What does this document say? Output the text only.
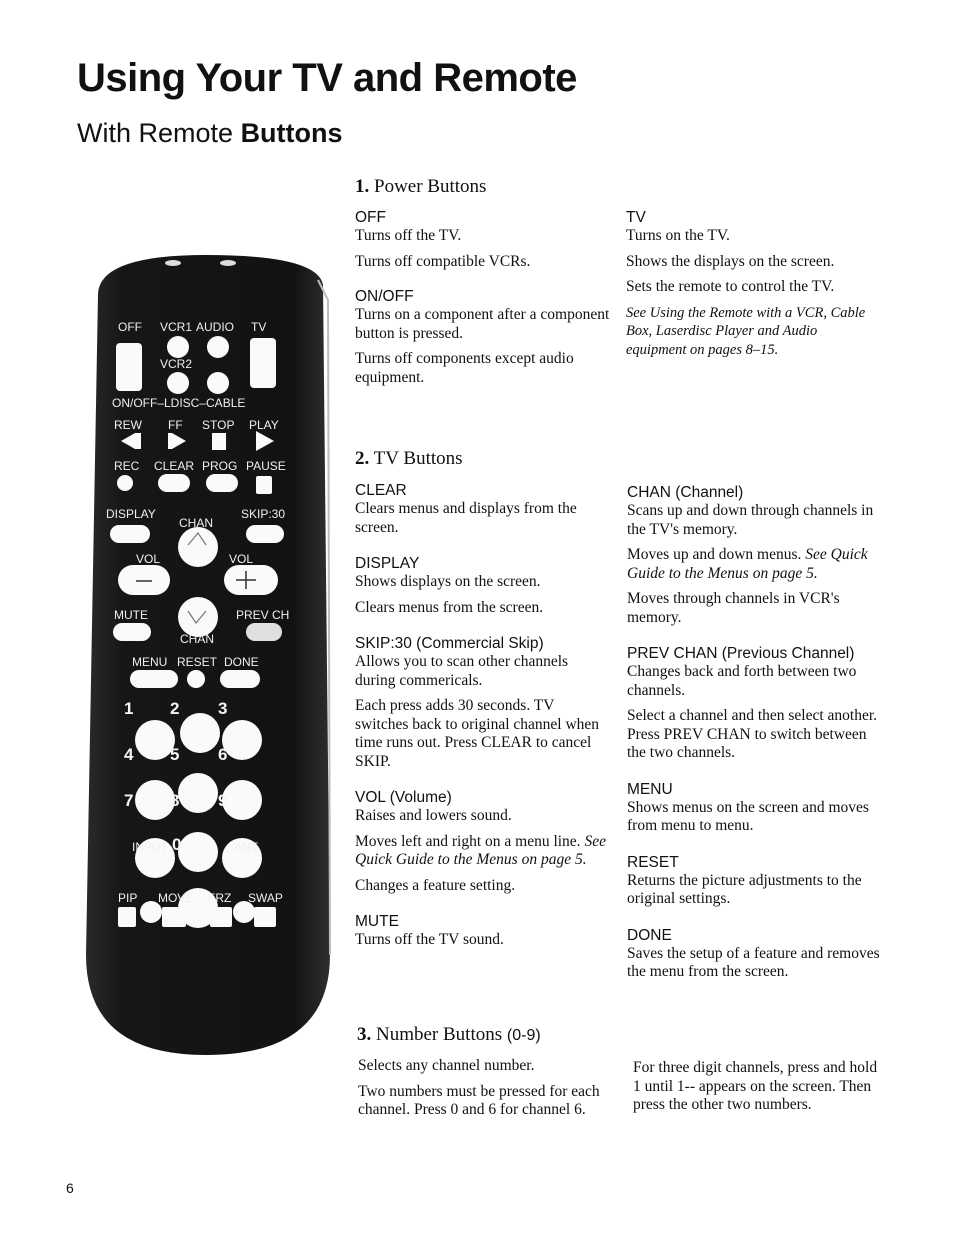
Using Your TV and Remote
With Remote Buttons
OFF VCR1 AUDIO TV
VCR2
ON/OFF–LDISC–CABLE
REW FF STOP PLAY
REC CLEAR PROG PAUSE
DISPLAY
CHAN
SKIP:30
VOL	VOL
MUTE	PREV CH
CHAN
MENU RESET DONE
1 2 3
4 5 6
7 8 9
INPUT 0	ANT
PIP MOVE FRZ SWAP
1. Power Buttons

OFF

Turns off the TV.

Turns off compatible VCRs.

ON/OFF

Turns on a component after a component button is pressed.

Turns off components except audio equipment.

TV

Turns on the TV.

Shows the displays on the screen.

Sets the remote to control the TV.

See Using the Remote with a VCR, Cable Box, Laserdisc Player and Audio equipment on pages 8–15.

2. TV Buttons

CLEAR

Clears menus and displays from the screen.

DISPLAY

Shows displays on the screen.

Clears menus from the screen.

SKIP:30 (Commercial Skip)

Allows you to scan other channels during commericals.

Each press adds 30 seconds. TV switches back to original channel when time runs out. Press CLEAR to cancel SKIP.

VOL (Volume)

Raises and lowers sound.

Moves left and right on a menu line. See Quick Guide to the Menus on page 5.

Changes a feature setting.

MUTE

Turns off the TV sound.

CHAN (Channel)

Scans up and down through channels in the TV's memory.

Moves up and down menus. See Quick Guide to the Menus on page 5.

Moves through channels in VCR's memory.

PREV CHAN (Previous Channel)

Changes back and forth between two channels.

Select a channel and then select another. Press PREV CHAN to switch between the two channels.

MENU

Shows menus on the screen and moves from menu to menu.

RESET

Returns the picture adjustments to the original settings.

DONE

Saves the setup of a feature and removes the menu from the screen.

3. Number Buttons (0-9)

Selects any channel number.

Two numbers must be pressed for each channel. Press 0 and 6 for channel 6.

For three digit channels, press and hold 1 until 1-- appears on the screen. Then press the other two numbers.

6
